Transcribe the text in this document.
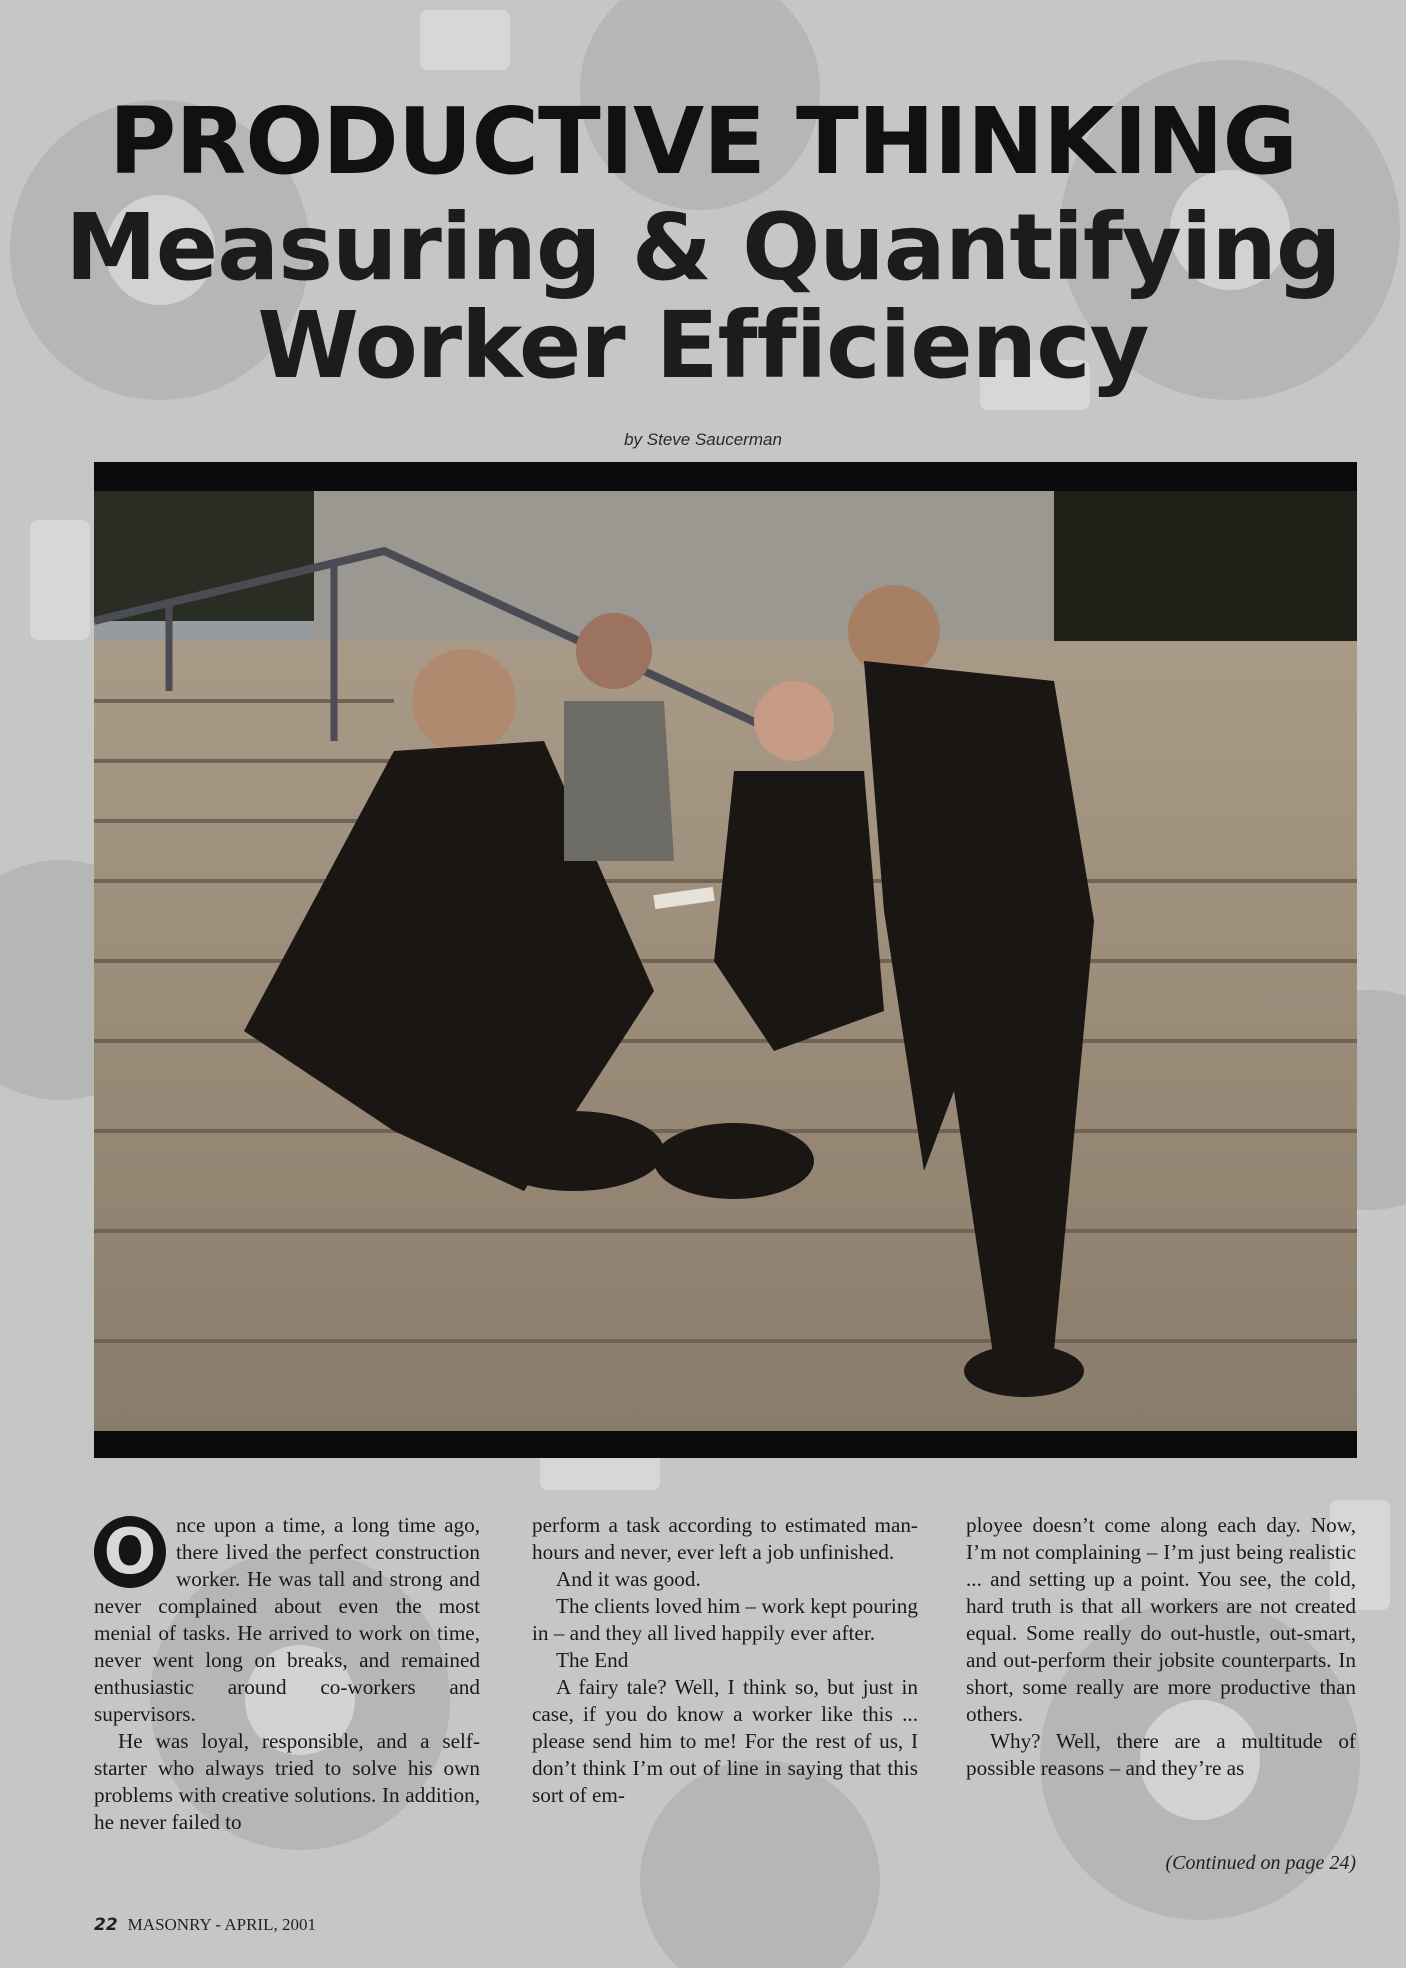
PRODUCTIVE THINKING
Measuring & Quantifying
Worker Efficiency
by Steve Saucerman

O nce upon a time, a long time ago, there lived the perfect construction worker. He was tall and strong and never complained about even the most menial of tasks. He arrived to work on time, never went long on breaks, and remained enthusiastic around co-workers and supervisors.

He was loyal, responsible, and a self-starter who always tried to solve his own problems with creative solutions. In addition, he never failed to

perform a task according to estimated man-hours and never, ever left a job unfinished.

And it was good.

The clients loved him – work kept pouring in – and they all lived happily ever after.

The End

A fairy tale? Well, I think so, but just in case, if you do know a worker like this ... please send him to me! For the rest of us, I don’t think I’m out of line in saying that this sort of em-

ployee doesn’t come along each day. Now, I’m not complaining – I’m just being realistic ... and setting up a point. You see, the cold, hard truth is that all workers are not created equal. Some really do out-hustle, out-smart, and out-perform their jobsite counterparts. In short, some really are more productive than others.

Why? Well, there are a multitude of possible reasons – and they’re as

(Continued on page 24)
22 MASONRY - APRIL, 2001
